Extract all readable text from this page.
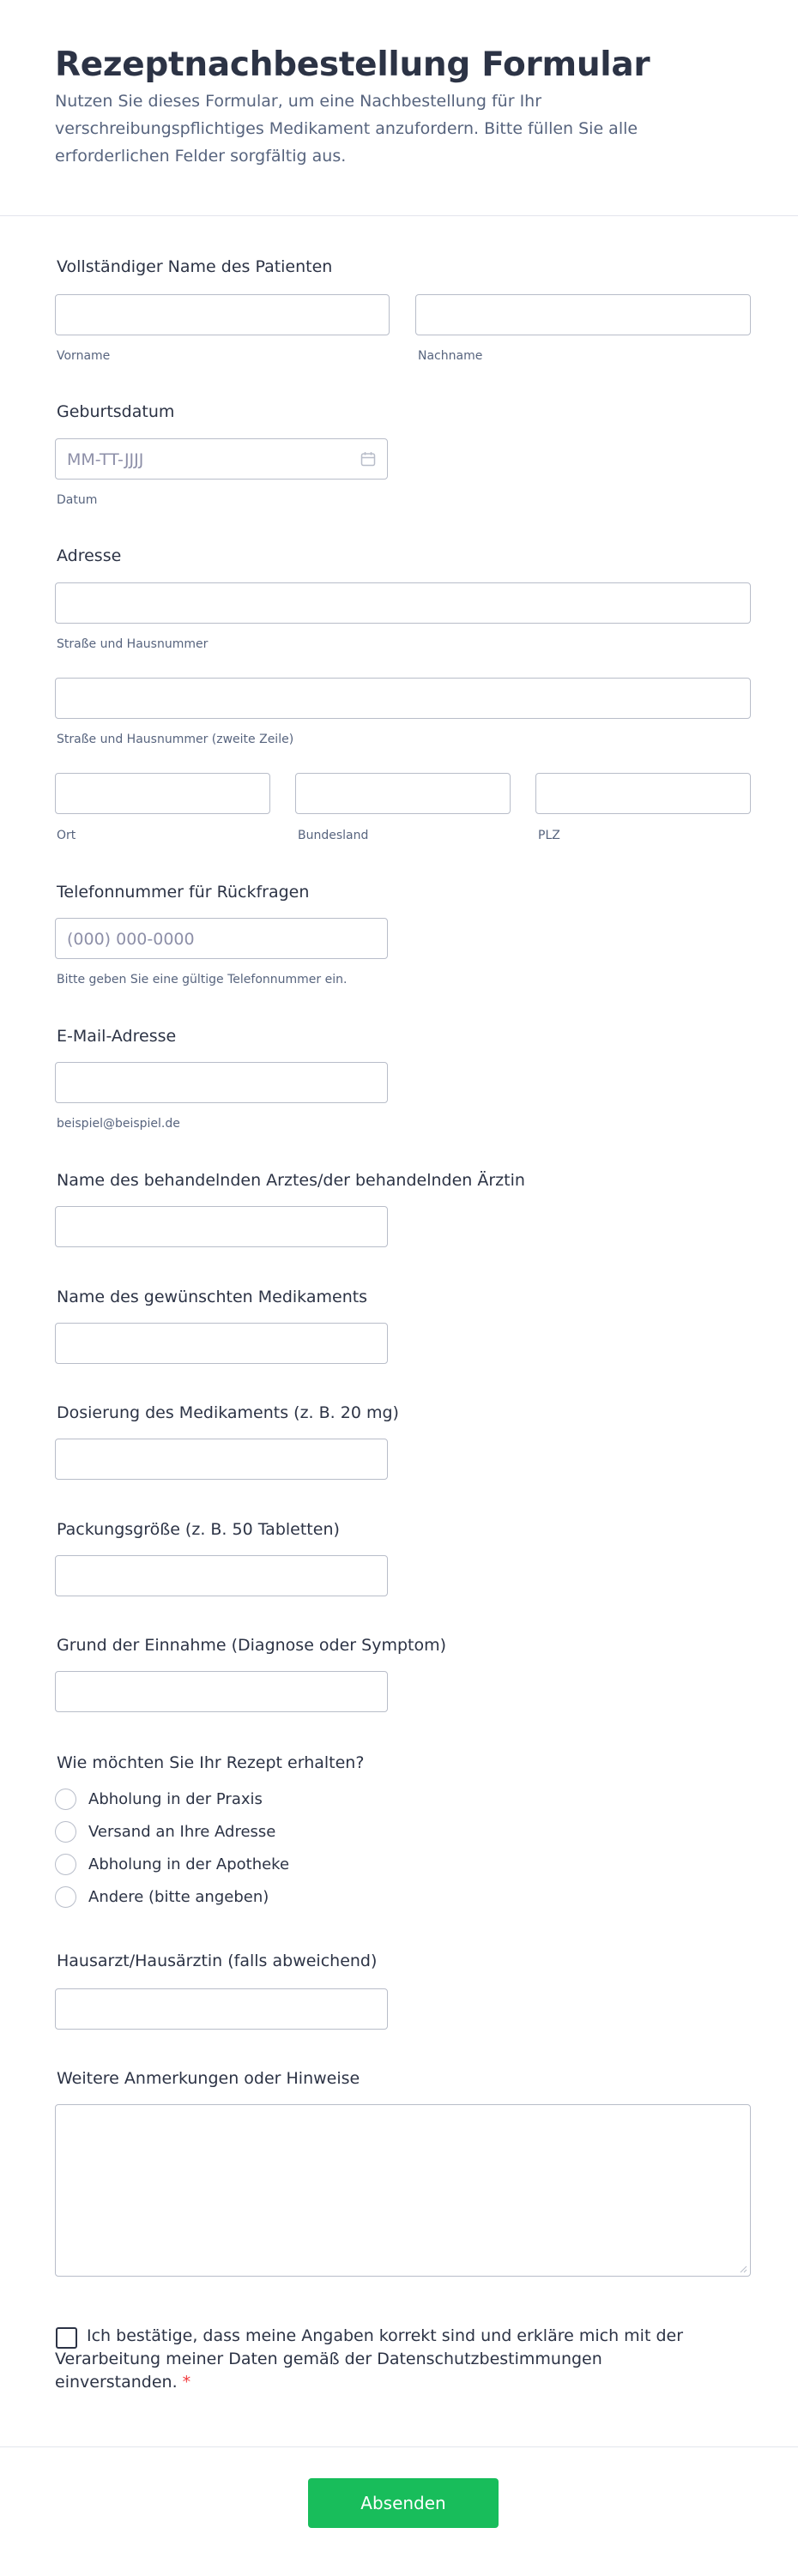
Rezeptnachbestellung Formular

Nutzen Sie dieses Formular, um eine Nachbestellung für Ihr verschreibungspflichtiges Medikament anzufordern. Bitte füllen Sie alle erforderlichen Felder sorgfältig aus.

Vollständiger Name des Patienten
Vorname	Nachname
Geburtsdatum
MM-TT-JJJJ
Datum
Adresse
Straße und Hausnummer
Straße und Hausnummer (zweite Zeile)
Ort	Bundesland	PLZ
Telefonnummer für Rückfragen
(000) 000-0000
Bitte geben Sie eine gültige Telefonnummer ein.
E-Mail-Adresse
beispiel@beispiel.de
Name des behandelnden Arztes/der behandelnden Ärztin
Name des gewünschten Medikaments
Dosierung des Medikaments (z. B. 20 mg)
Packungsgröße (z. B. 50 Tabletten)
Grund der Einnahme (Diagnose oder Symptom)
Wie möchten Sie Ihr Rezept erhalten?
Abholung in der Praxis
Versand an Ihre Adresse
Abholung in der Apotheke
Andere (bitte angeben)
Hausarzt/Hausärztin (falls abweichend)
Weitere Anmerkungen oder Hinweise

Ich bestätige, dass meine Angaben korrekt sind und erkläre mich mit der Verarbeitung meiner Daten gemäß der Datenschutzbestimmungen einverstanden. *

Absenden
